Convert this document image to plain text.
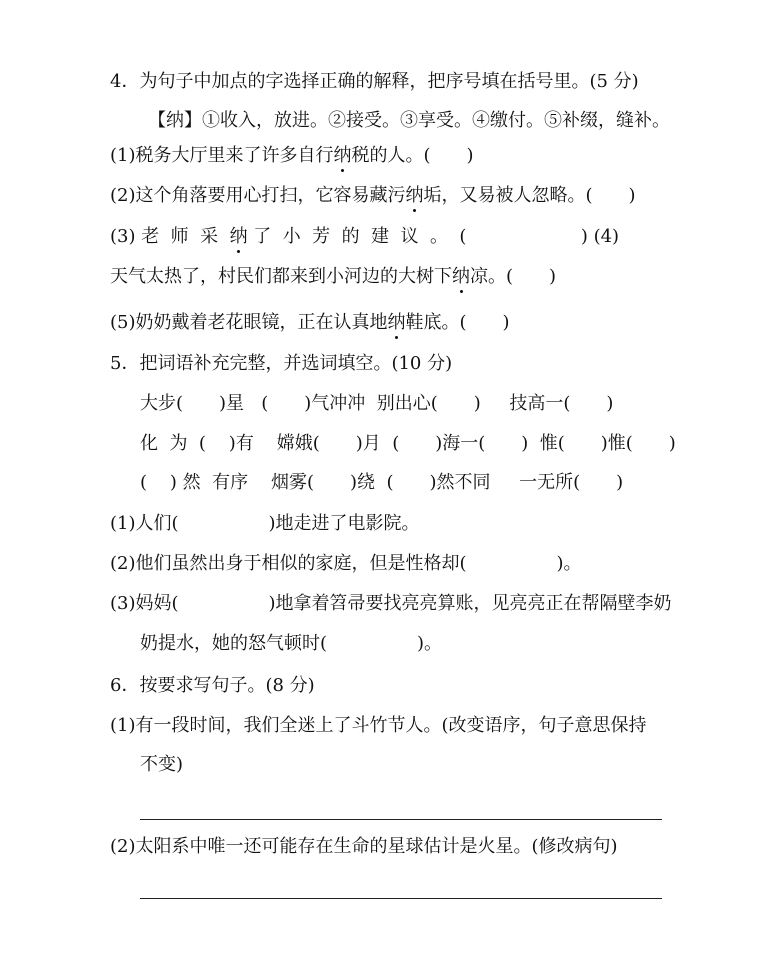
4．为句子中加点的字选择正确的解释，把序号填在括号里。(5 分)
【纳】①收入，放进。②接受。③享受。④缴付。⑤补缀，缝补。
(1)税务大厅里来了许多自行纳税的人。(　　)
(2)这个角落要用心打扫，它容易藏污纳垢，又易被人忽略。(　　)
(3) 老  师  采  纳 了  小  芳  的  建  议  。  (                    ) (4)
天气太热了，村民们都来到小河边的大树下纳凉。(　　)
(5)奶奶戴着老花眼镜，正在认真地纳鞋底。(　　)
5．把词语补充完整，并选词填空。(10 分)
大步(　　)星   (　　)气冲冲  别出心(　　)     技高一(　　)
化  为  (    )有    嫦娥(　　)月  (　　)海一(　　)  惟(　　)惟(　　)
(    ) 然  有序    烟雾(　　)绕  (　　)然不同     一无所(　　)
(1)人们(　　　　　)地走进了电影院。
(2)他们虽然出身于相似的家庭，但是性格却(　　　　　)。
(3)妈妈(　　　　　)地拿着笤帚要找亮亮算账，见亮亮正在帮隔壁李奶
奶提水，她的怒气顿时(　　　　　)。
6．按要求写句子。(8 分)
(1)有一段时间，我们全迷上了斗竹节人。(改变语序，句子意思保持
不变)
(2)太阳系中唯一还可能存在生命的星球估计是火星。(修改病句)
